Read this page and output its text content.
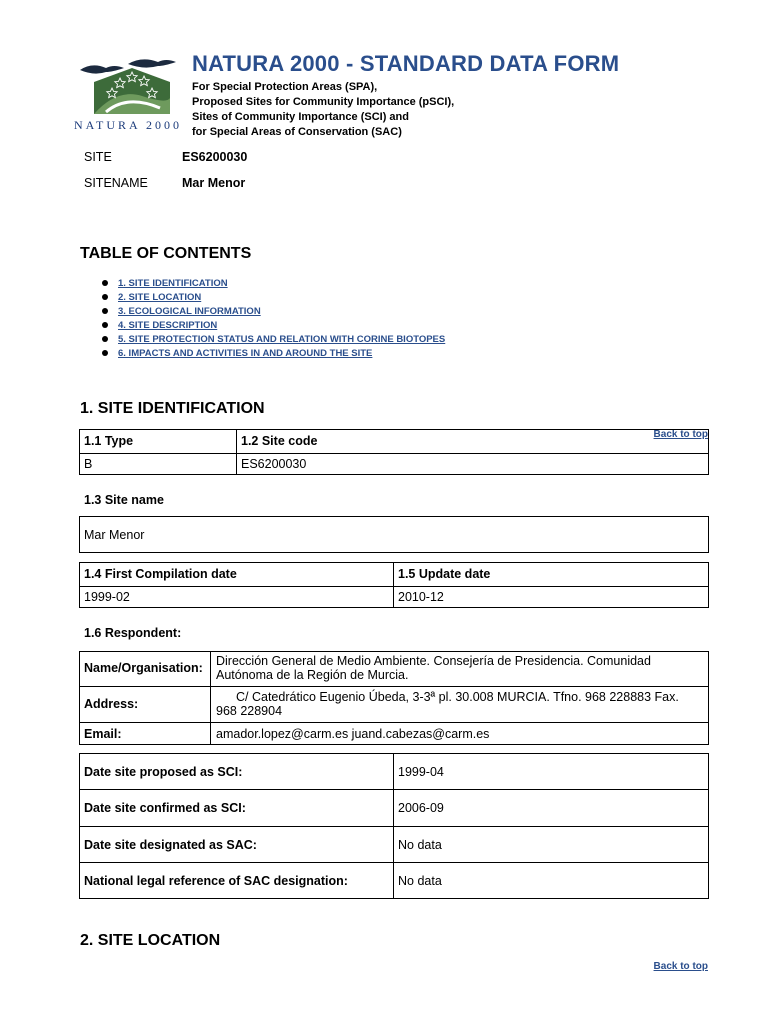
NATURA 2000
NATURA 2000 - STANDARD DATA FORM
For Special Protection Areas (SPA),
Proposed Sites for Community Importance (pSCI),
Sites of Community Importance (SCI) and
for Special Areas of Conservation (SAC)
SITE	ES6200030
SITENAME	Mar Menor
TABLE OF CONTENTS
1. SITE IDENTIFICATION
2. SITE LOCATION
3. ECOLOGICAL INFORMATION
4. SITE DESCRIPTION
5. SITE PROTECTION STATUS AND RELATION WITH CORINE BIOTOPES
6. IMPACTS AND ACTIVITIES IN AND AROUND THE SITE
1. SITE IDENTIFICATION
Back to top
1.1 Type	1.2 Site code
B	ES6200030
1.3 Site name
Mar Menor
1.4 First Compilation date	1.5 Update date
1999-02	2010-12
1.6 Respondent:
Name/Organisation: Dirección General de Medio Ambiente. Consejería de Presidencia. Comunidad
Autónoma de la Región de Murcia.
Address:	C/ Catedrático Eugenio Úbeda, 3-3ª pl. 30.008 MURCIA. Tfno. 968 228883 Fax.
968 228904
Email:	amador.lopez@carm.es juand.cabezas@carm.es
Date site proposed as SCI:	1999-04
Date site confirmed as SCI:	2006-09
Date site designated as SAC:	No data
National legal reference of SAC designation:	No data
2. SITE LOCATION
Back to top
